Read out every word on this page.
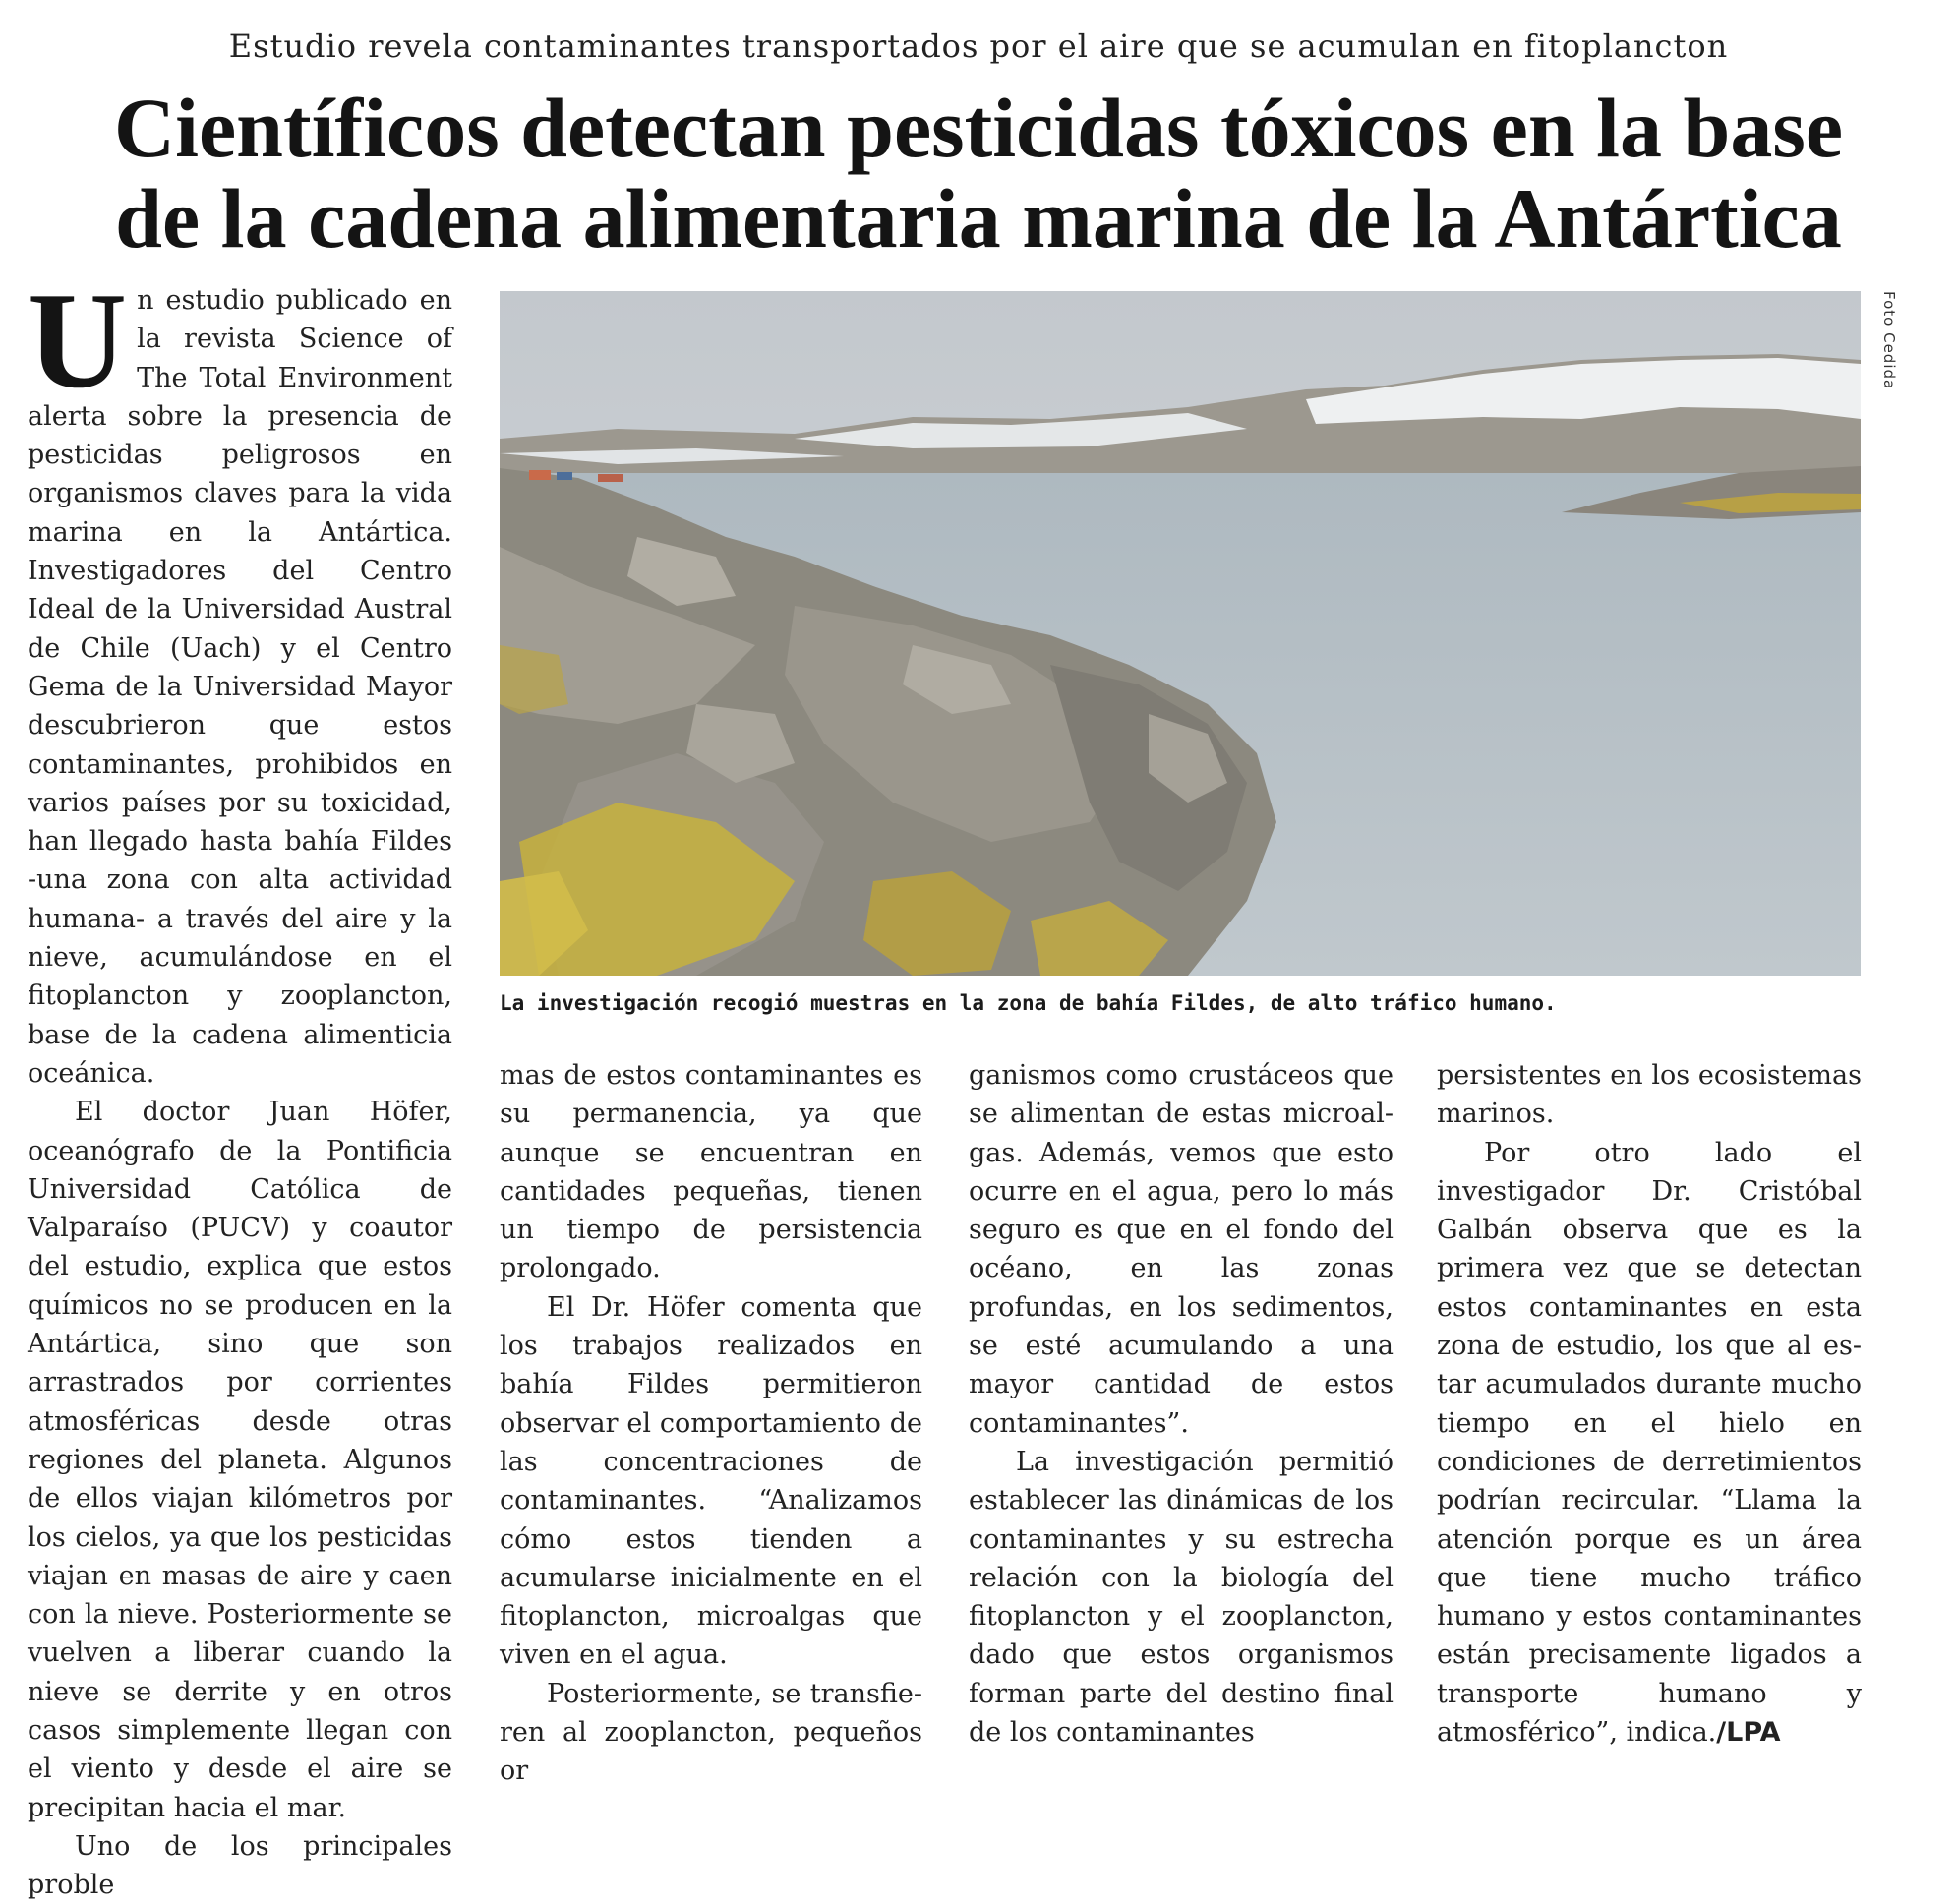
Estudio revela contaminantes transportados por el aire que se acumulan en fitoplancton
Científicos detectan pesticidas tóxicos en la base
de la cadena alimentaria marina de la Antártica

Un estudio publicado en la revista Science of The Total Environment alerta sobre la presencia de pesticidas peligrosos en organismos claves para la vida marina en la Antártica. Investigadores del Centro Ideal de la Universidad Austral de Chile (Uach) y el Centro Gema de la Universidad Mayor descubrieron que estos contaminantes, prohibidos en varios países por su toxicidad, han llegado hasta bahía Fildes -una zona con alta actividad humana- a través del aire y la nieve, acumulándose en el fitoplancton y zooplancton, base de la cadena alimenticia oceánica.

El doctor Juan Höfer, oceanógrafo de la Pontificia Universidad Católica de Valparaíso (PUCV) y coautor del estudio, explica que estos químicos no se producen en la Antártica, sino que son arrastrados por corrientes atmosféricas desde otras regiones del planeta. Algunos de ellos viajan kilómetros por los cielos, ya que los pesticidas viajan en masas de aire y caen con la nieve. Posteriormente se vuelven a liberar cuando la nieve se derrite y en otros casos simplemente llegan con el viento y desde el aire se precipitan hacia el mar.

Uno de los principales proble

Foto Cedida
La investigación recogió muestras en la zona de bahía Fildes, de alto tráfico humano.

mas de estos contaminantes es su permanencia, ya que aunque se encuentran en cantidades pequeñas, tienen un tiempo de persistencia prolongado.

El Dr. Höfer comenta que los trabajos realizados en bahía Fildes permitieron observar el comportamiento de las concentraciones de contaminantes. “Analizamos cómo estos tienden a acumularse inicialmente en el fitoplancton, microalgas que viven en el agua.

Posteriormente, se transfieren al zooplancton, pequeños or

ganismos como crustáceos que se alimentan de estas microalgas. Además, vemos que esto ocurre en el agua, pero lo más seguro es que en el fondo del océano, en las zonas profundas, en los sedimentos, se esté acumulando a una mayor cantidad de estos contaminantes”.

La investigación permitió establecer las dinámicas de los contaminantes y su estrecha relación con la biología del fitoplancton y el zooplancton, dado que estos organismos forman parte del destino final de los contaminantes

persistentes en los ecosistemas marinos.

Por otro lado el investigador Dr. Cristóbal Galbán observa que es la primera vez que se detectan estos contaminantes en esta zona de estudio, los que al estar acumulados durante mucho tiempo en el hielo en condiciones de derretimientos podrían recircular. “Llama la atención porque es un área que tiene mucho tráfico humano y estos contaminantes están precisamente ligados a transporte humano y atmosférico”, indica./LPA
